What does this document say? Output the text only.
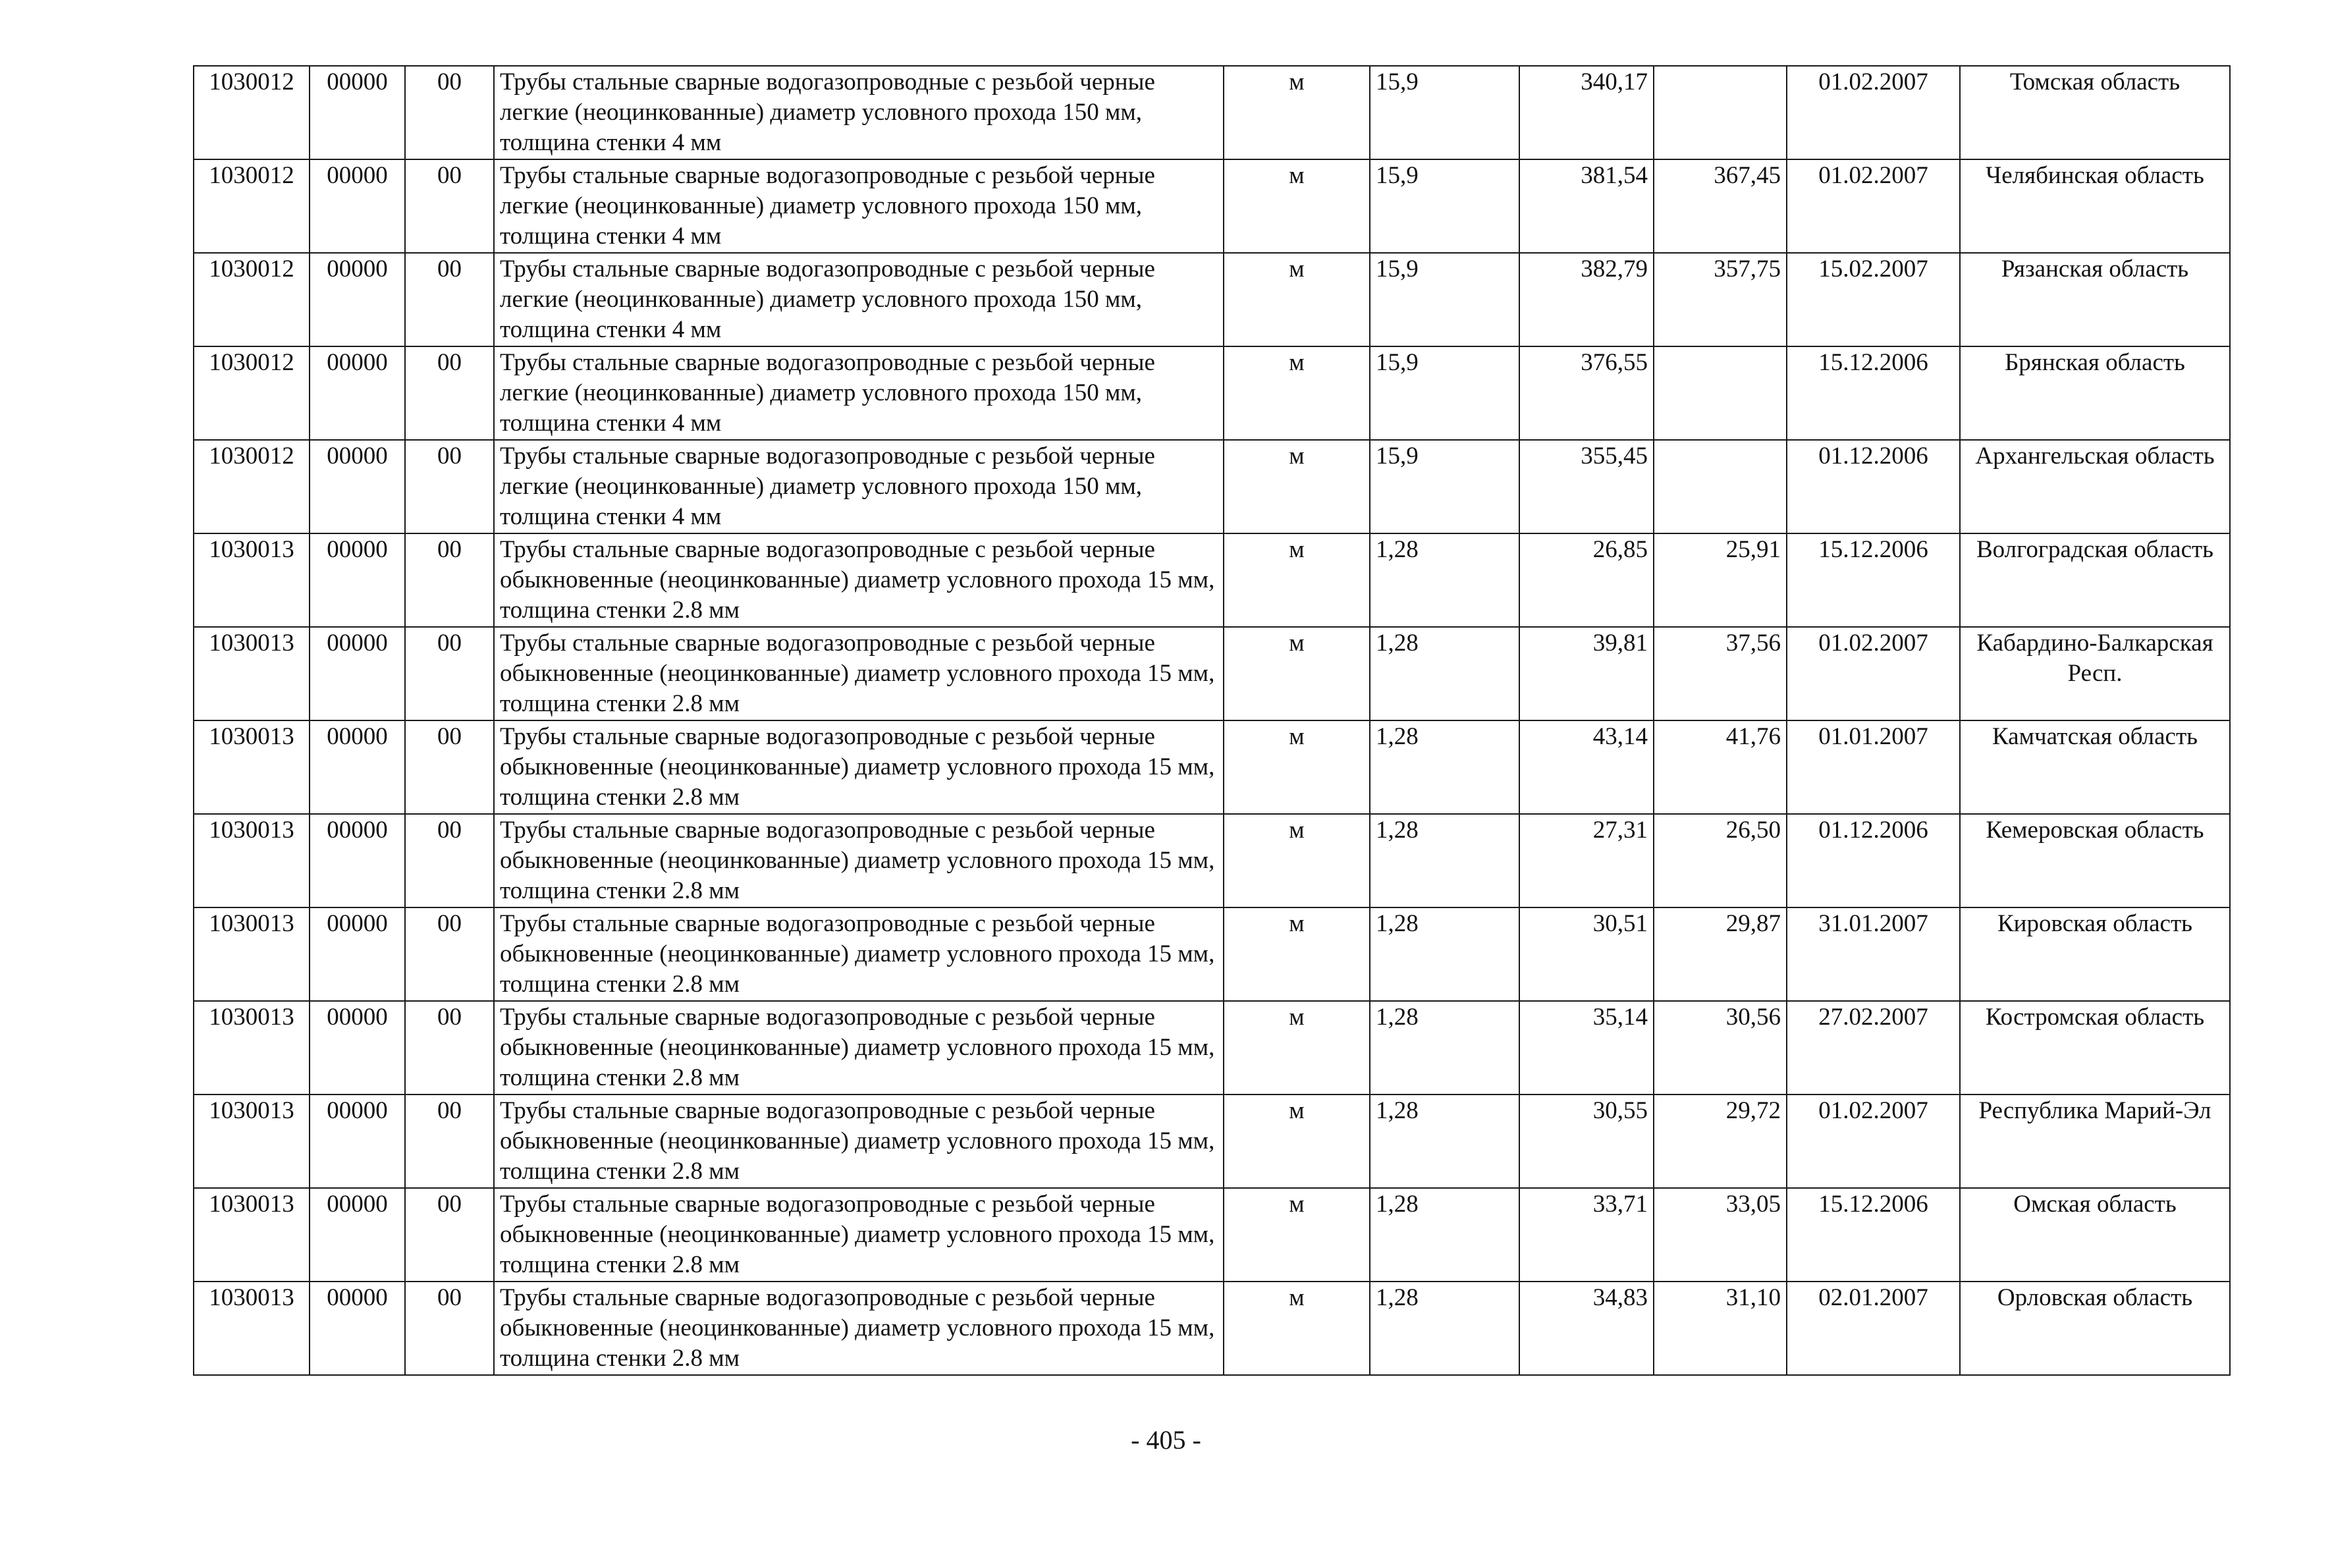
1030012	00000	00	Трубы стальные сварные водогазопроводные с резьбой черные легкие (неоцинкованные) диаметр условного прохода 150 мм, толщина стенки 4 мм	м	15,9	340,17		01.02.2007	Томская область
1030012	00000	00	Трубы стальные сварные водогазопроводные с резьбой черные легкие (неоцинкованные) диаметр условного прохода 150 мм, толщина стенки 4 мм	м	15,9	381,54	367,45	01.02.2007	Челябинская область
1030012	00000	00	Трубы стальные сварные водогазопроводные с резьбой черные легкие (неоцинкованные) диаметр условного прохода 150 мм, толщина стенки 4 мм	м	15,9	382,79	357,75	15.02.2007	Рязанская область
1030012	00000	00	Трубы стальные сварные водогазопроводные с резьбой черные легкие (неоцинкованные) диаметр условного прохода 150 мм, толщина стенки 4 мм	м	15,9	376,55		15.12.2006	Брянская область
1030012	00000	00	Трубы стальные сварные водогазопроводные с резьбой черные легкие (неоцинкованные) диаметр условного прохода 150 мм, толщина стенки 4 мм	м	15,9	355,45		01.12.2006	Архангельская область
1030013	00000	00	Трубы стальные сварные водогазопроводные с резьбой черные обыкновенные (неоцинкованные) диаметр условного прохода 15 мм, толщина стенки 2.8 мм	м	1,28	26,85	25,91	15.12.2006	Волгоградская область
1030013	00000	00	Трубы стальные сварные водогазопроводные с резьбой черные обыкновенные (неоцинкованные) диаметр условного прохода 15 мм, толщина стенки 2.8 мм	м	1,28	39,81	37,56	01.02.2007	Кабардино-Балкарская Респ.
1030013	00000	00	Трубы стальные сварные водогазопроводные с резьбой черные обыкновенные (неоцинкованные) диаметр условного прохода 15 мм, толщина стенки 2.8 мм	м	1,28	43,14	41,76	01.01.2007	Камчатская область
1030013	00000	00	Трубы стальные сварные водогазопроводные с резьбой черные обыкновенные (неоцинкованные) диаметр условного прохода 15 мм, толщина стенки 2.8 мм	м	1,28	27,31	26,50	01.12.2006	Кемеровская область
1030013	00000	00	Трубы стальные сварные водогазопроводные с резьбой черные обыкновенные (неоцинкованные) диаметр условного прохода 15 мм, толщина стенки 2.8 мм	м	1,28	30,51	29,87	31.01.2007	Кировская область
1030013	00000	00	Трубы стальные сварные водогазопроводные с резьбой черные обыкновенные (неоцинкованные) диаметр условного прохода 15 мм, толщина стенки 2.8 мм	м	1,28	35,14	30,56	27.02.2007	Костромская область
1030013	00000	00	Трубы стальные сварные водогазопроводные с резьбой черные обыкновенные (неоцинкованные) диаметр условного прохода 15 мм, толщина стенки 2.8 мм	м	1,28	30,55	29,72	01.02.2007	Республика Марий-Эл
1030013	00000	00	Трубы стальные сварные водогазопроводные с резьбой черные обыкновенные (неоцинкованные) диаметр условного прохода 15 мм, толщина стенки 2.8 мм	м	1,28	33,71	33,05	15.12.2006	Омская область
1030013	00000	00	Трубы стальные сварные водогазопроводные с резьбой черные обыкновенные (неоцинкованные) диаметр условного прохода 15 мм, толщина стенки 2.8 мм	м	1,28	34,83	31,10	02.01.2007	Орловская область
- 405 -
